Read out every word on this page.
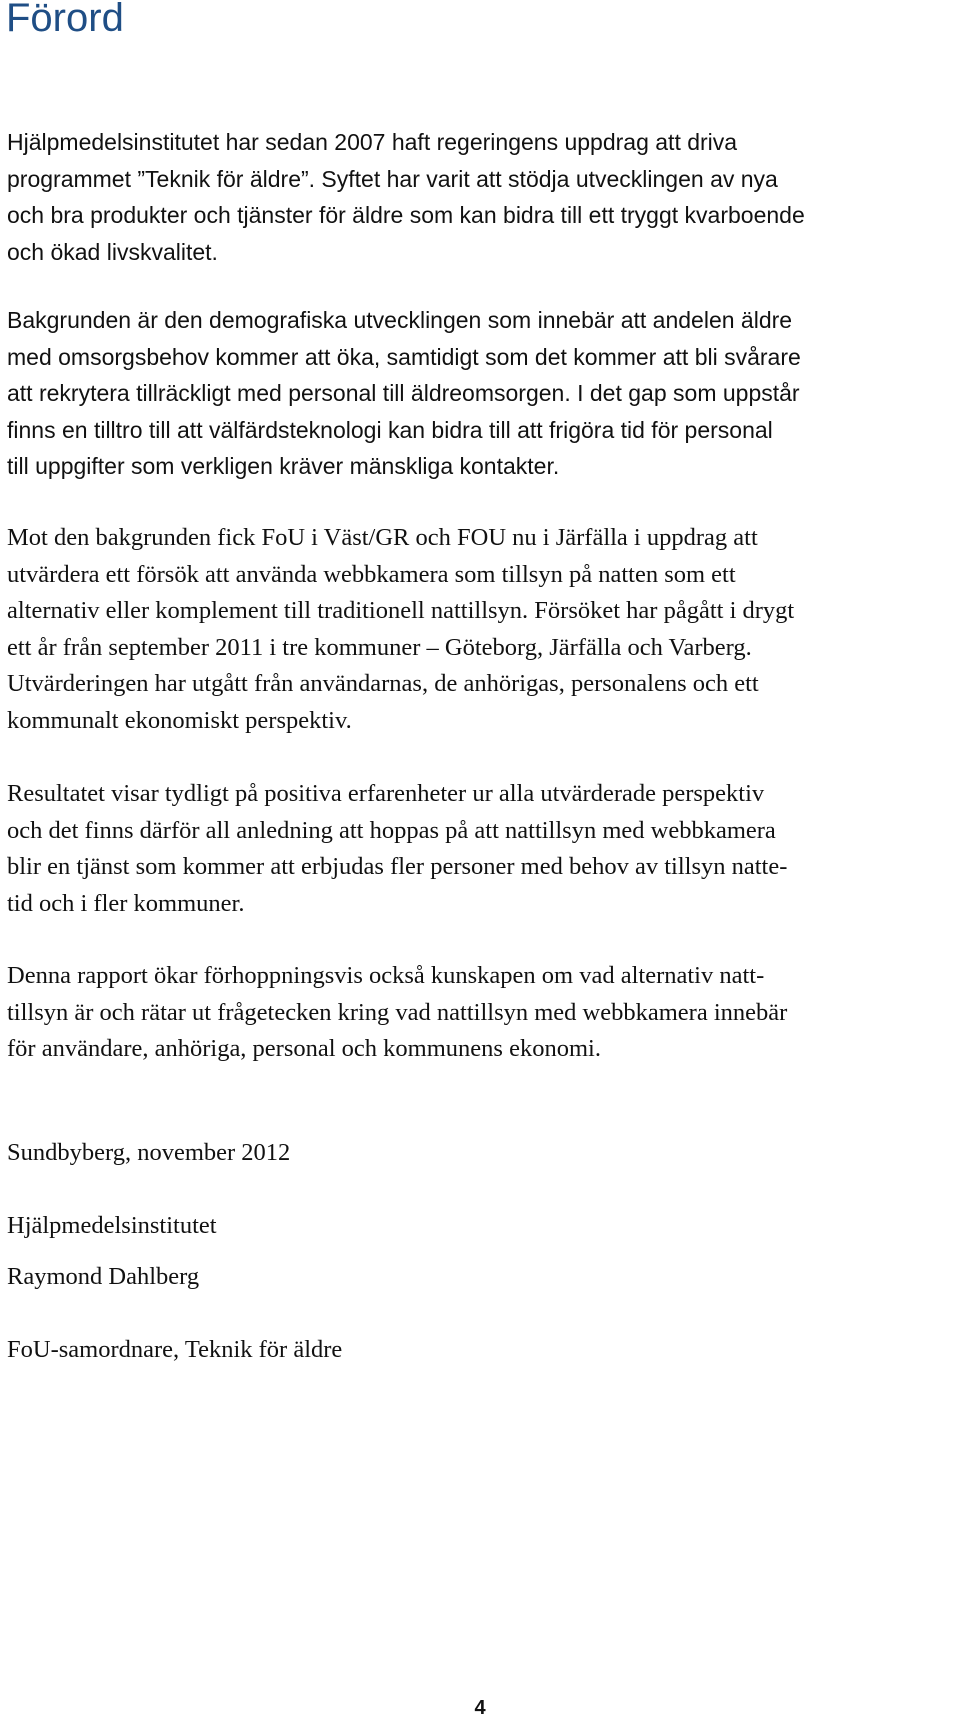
Förord

Hjälpmedelsinstitutet har sedan 2007 haft regeringens uppdrag att driva
programmet ”Teknik för äldre”. Syftet har varit att stödja utvecklingen av nya
och bra produkter och tjänster för äldre som kan bidra till ett tryggt kvarboende
och ökad livskvalitet.

Bakgrunden är den demografiska utvecklingen som innebär att andelen äldre
med omsorgsbehov kommer att öka, samtidigt som det kommer att bli svårare
att rekrytera tillräckligt med personal till äldreomsorgen. I det gap som uppstår
finns en tilltro till att välfärdsteknologi kan bidra till att frigöra tid för personal
till uppgifter som verkligen kräver mänskliga kontakter.

Mot den bakgrunden fick FoU i Väst/GR och FOU nu i Järfälla i uppdrag att
utvärdera ett försök att använda webbkamera som tillsyn på natten som ett
alternativ eller komplement till traditionell nattillsyn. Försöket har pågått i drygt
ett år från september 2011 i tre kommuner – Göteborg, Järfälla och Varberg.
Utvärderingen har utgått från användarnas, de anhörigas, personalens och ett
kommunalt ekonomiskt perspektiv.

Resultatet visar tydligt på positiva erfarenheter ur alla utvärderade perspektiv
och det finns därför all anledning att hoppas på att nattillsyn med webbkamera
blir en tjänst som kommer att erbjudas fler personer med behov av tillsyn natte-
tid och i fler kommuner.

Denna rapport ökar förhoppningsvis också kunskapen om vad alternativ natt-
tillsyn är och rätar ut frågetecken kring vad nattillsyn med webbkamera innebär
för användare, anhöriga, personal och kommunens ekonomi.

Sundbyberg, november 2012

Hjälpmedelsinstitutet

Raymond Dahlberg

FoU-samordnare, Teknik för äldre

4
